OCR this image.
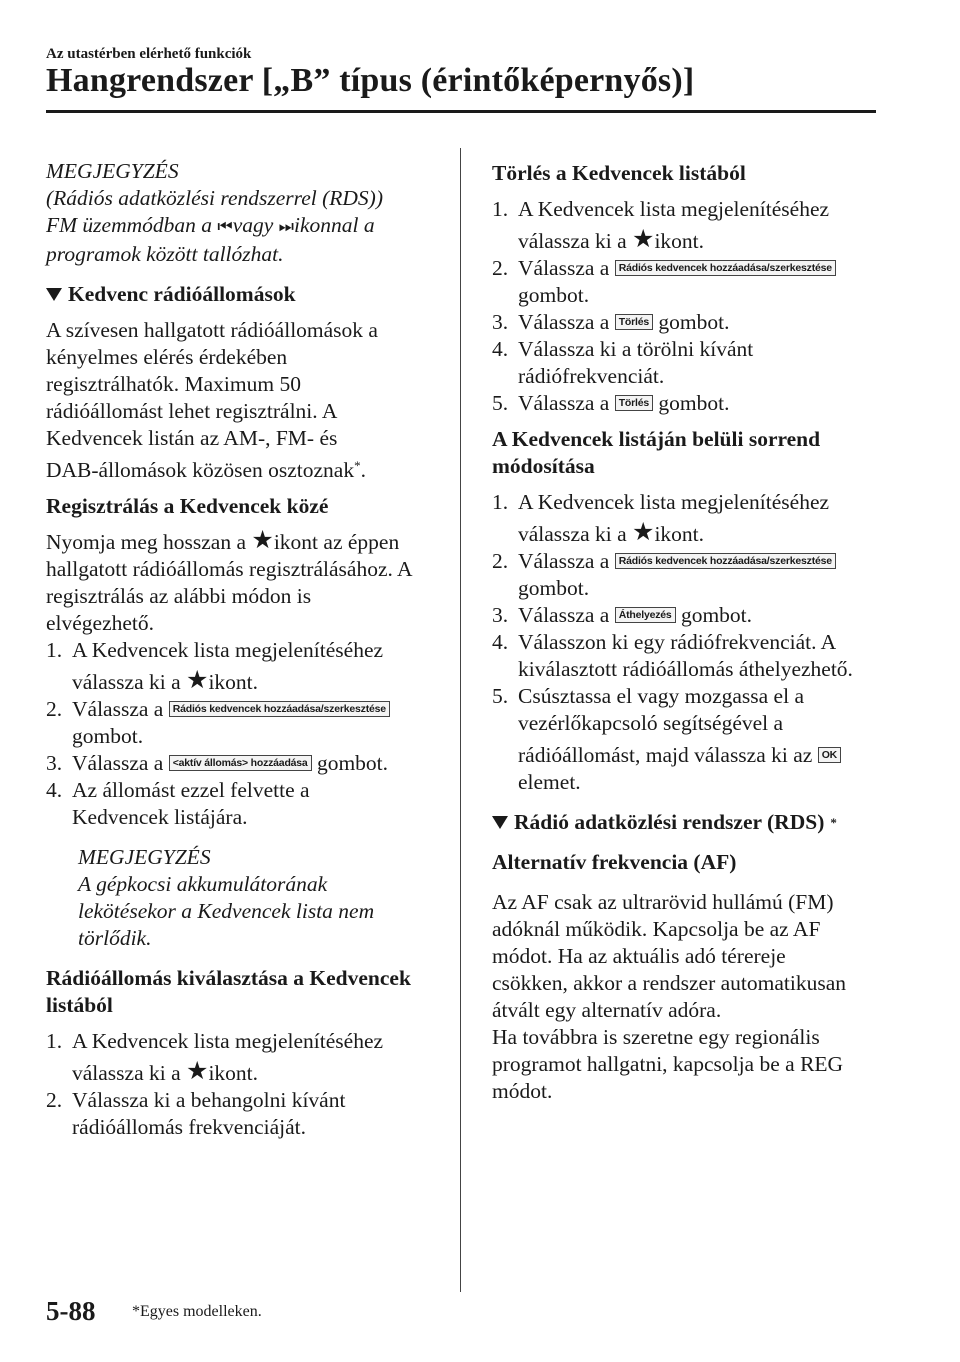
Az utastérben elérhető funkciók
Hangrendszer [„B” típus (érintőképernyős)]

MEGJEGYZÉS

(Rádiós adatközlési rendszerrel (RDS))

FM üzemmódban a ⏮ vagy ⏭ ikonnal a

programok között tallózhat.

Kedvenc rádióállomások

A szívesen hallgatott rádióállomások a

kényelmes elérés érdekében

regisztrálhatók. Maximum 50

rádióállomást lehet regisztrálni. A

Kedvencek listán az AM-, FM- és

DAB-állomások közösen osztoznak*.

Regisztrálás a Kedvencek közé

Nyomja meg hosszan a ★ikont az éppen

hallgatott rádióállomás regisztrálásához. A

regisztrálás az alábbi módon is

elvégezhető.

1. A Kedvencek lista megjelenítéséhez

válassza ki a ★ikont.

2. Válassza a Rádiós kedvencek hozzáadása/szerkesztése

gombot.

3. Válassza a <aktív állomás> hozzáadása gombot.

4. Az állomást ezzel felvette a

Kedvencek listájára.

MEGJEGYZÉS

A gépkocsi akkumulátorának

lekötésekor a Kedvencek lista nem

törlődik.

Rádióállomás kiválasztása a Kedvencek

listából

1. A Kedvencek lista megjelenítéséhez

válassza ki a ★ikont.

2. Válassza ki a behangolni kívánt

rádióállomás frekvenciáját.

Törlés a Kedvencek listából

1. A Kedvencek lista megjelenítéséhez

válassza ki a ★ikont.

2. Válassza a Rádiós kedvencek hozzáadása/szerkesztése

gombot.

3. Válassza a Törlés gombot.

4. Válassza ki a törölni kívánt

rádiófrekvenciát.

5. Válassza a Törlés gombot.

A Kedvencek listáján belüli sorrend

módosítása

1. A Kedvencek lista megjelenítéséhez

válassza ki a ★ikont.

2. Válassza a Rádiós kedvencek hozzáadása/szerkesztése

gombot.

3. Válassza a Áthelyezés gombot.

4. Válasszon ki egy rádiófrekvenciát. A

kiválasztott rádióállomás áthelyezhető.

5. Csúsztassa el vagy mozgassa el a

vezérlőkapcsoló segítségével a

rádióállomást, majd válassza ki az OK

elemet.

Rádió adatközlési rendszer (RDS) *

Alternatív frekvencia (AF)

Az AF csak az ultrarövid hullámú (FM)

adóknál működik. Kapcsolja be az AF

módot. Ha az aktuális adó térereje

csökken, akkor a rendszer automatikusan

átvált egy alternatív adóra.

Ha továbbra is szeretne egy regionális

programot hallgatni, kapcsolja be a REG

módot.

5-88 *Egyes modelleken.
